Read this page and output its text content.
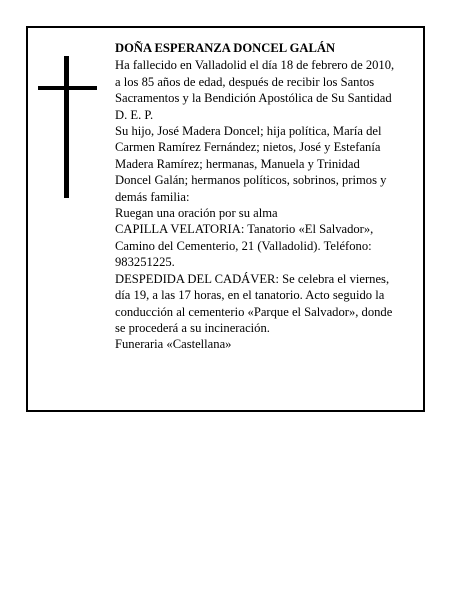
DOÑA ESPERANZA DONCEL GALÁN
Ha fallecido en Valladolid el día 18 de febrero de 2010,
a los 85 años de edad, después de recibir los Santos
Sacramentos y la Bendición Apostólica de Su Santidad
D. E. P.
Su hijo, José Madera Doncel; hija política, María del
Carmen Ramírez Fernández; nietos, José y Estefanía
Madera Ramírez; hermanas, Manuela y Trinidad
Doncel Galán; hermanos políticos, sobrinos, primos y
demás familia:
Ruegan una oración por su alma
CAPILLA VELATORIA: Tanatorio «El Salvador»,
Camino del Cementerio, 21 (Valladolid). Teléfono:
983251225.
DESPEDIDA DEL CADÁVER: Se celebra el viernes,
día 19, a las 17 horas, en el tanatorio. Acto seguido la
conducción al cementerio «Parque el Salvador», donde
se procederá a su incineración.
Funeraria «Castellana»
